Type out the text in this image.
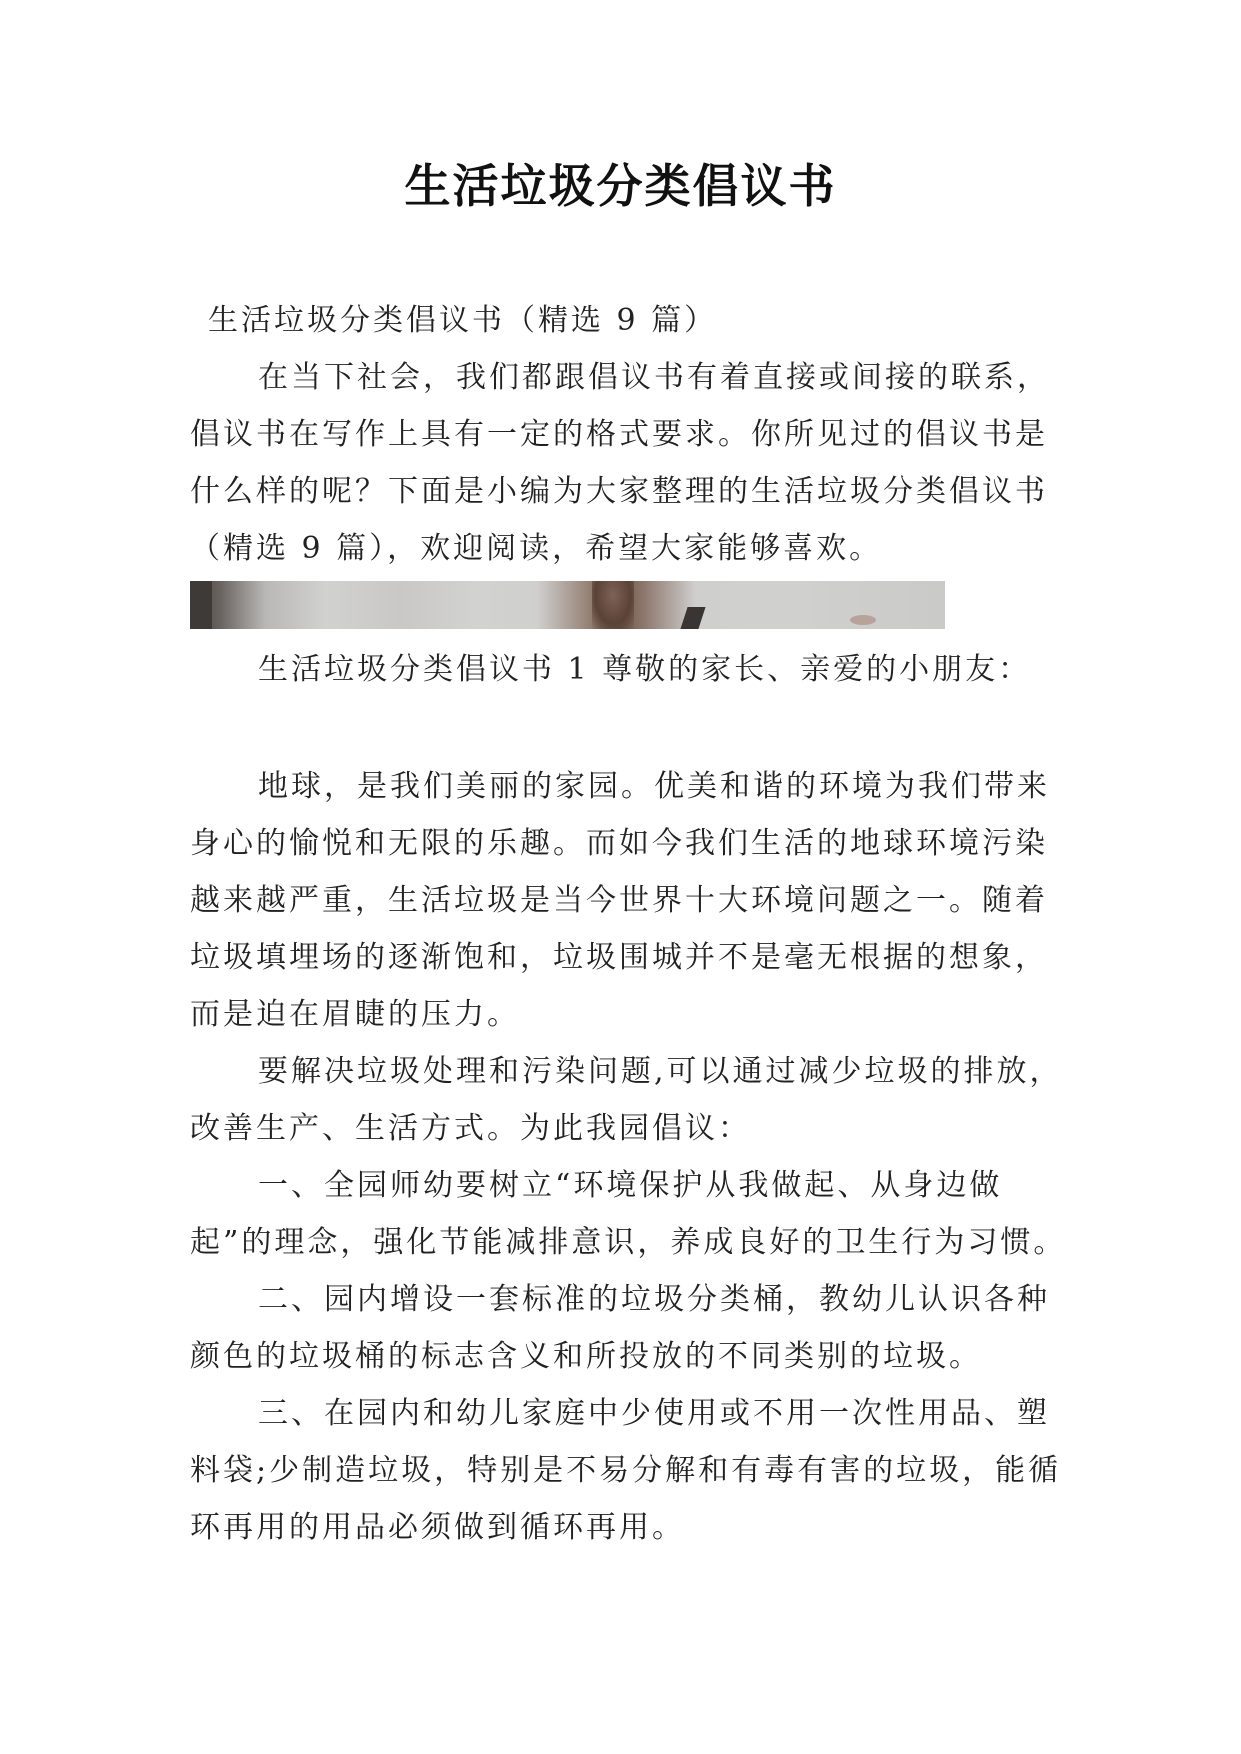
生活垃圾分类倡议书

生活垃圾分类倡议书（精选 9 篇）

在当下社会，我们都跟倡议书有着直接或间接的联系，倡议书在写作上具有一定的格式要求。你所见过的倡议书是什么样的呢？下面是小编为大家整理的生活垃圾分类倡议书（精选 9 篇），欢迎阅读，希望大家能够喜欢。

生活垃圾分类倡议书 1 尊敬的家长、亲爱的小朋友：

地球，是我们美丽的家园。优美和谐的环境为我们带来身心的愉悦和无限的乐趣。而如今我们生活的地球环境污染越来越严重，生活垃圾是当今世界十大环境问题之一。随着垃圾填埋场的逐渐饱和，垃圾围城并不是毫无根据的想象，而是迫在眉睫的压力。

要解决垃圾处理和污染问题,可以通过减少垃圾的排放，改善生产、生活方式。为此我园倡议：

一、全园师幼要树立“环境保护从我做起、从身边做起”的理念，强化节能减排意识，养成良好的卫生行为习惯。

二、园内增设一套标准的垃圾分类桶，教幼儿认识各种颜色的垃圾桶的标志含义和所投放的不同类别的垃圾。

三、在园内和幼儿家庭中少使用或不用一次性用品、塑料袋;少制造垃圾，特别是不易分解和有毒有害的垃圾，能循环再用的用品必须做到循环再用。
